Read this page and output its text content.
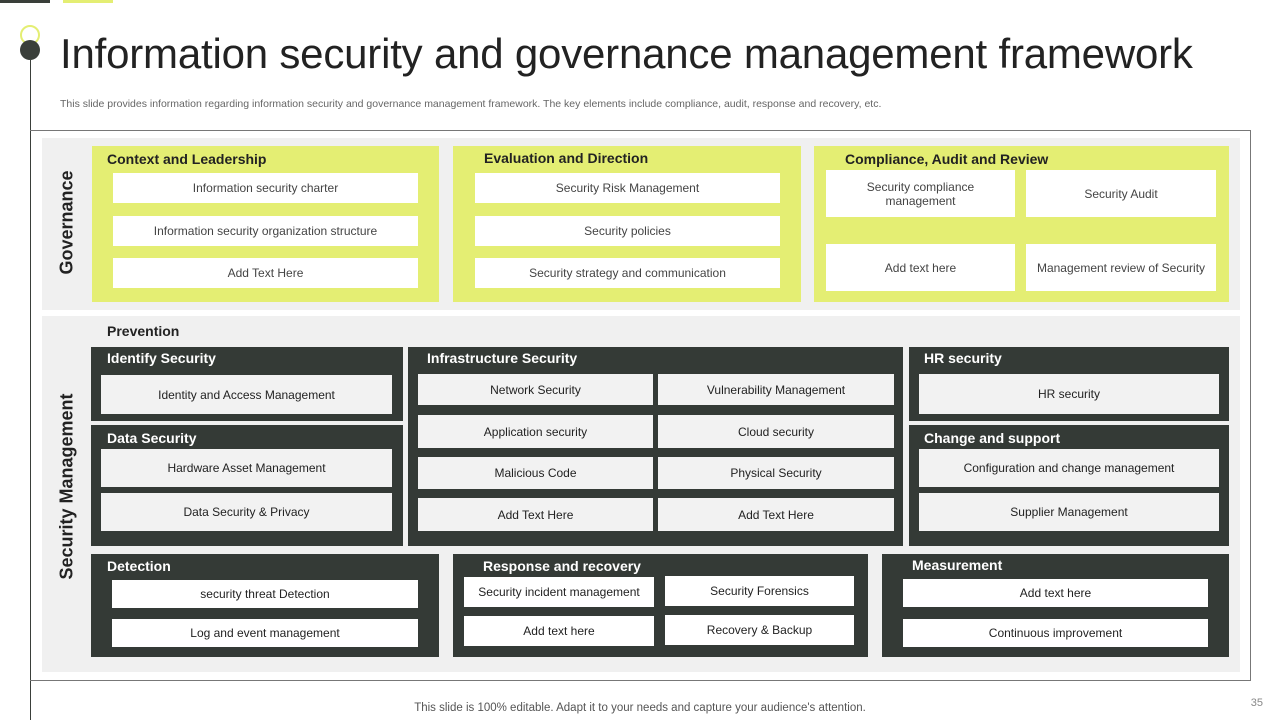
Information security and governance management framework

This slide provides information regarding information security and governance management framework. The key elements include compliance, audit, response and recovery, etc.

Governance
Context and Leadership
Information security charter
Information security organization structure
Add Text Here
Evaluation and Direction
Security Risk Management
Security policies
Security strategy and communication
Compliance, Audit and Review
Security compliance management	Security Audit
Add text here	Management review of Security
Security Management
Prevention
Identify Security
Identity and Access Management
Data Security
Hardware Asset Management
Data Security & Privacy
Infrastructure Security
Network Security	Vulnerability Management
Application security	Cloud security
Malicious Code	Physical Security
Add Text Here	Add Text Here
HR security
HR security
Change and support
Configuration and change management
Supplier Management
Detection
security threat Detection
Log and event management
Response and recovery
Security incident management	Security Forensics
Add text here	Recovery & Backup
Measurement
Add text here
Continuous improvement
This slide is 100% editable. Adapt it to your needs and capture your audience's attention.	35
